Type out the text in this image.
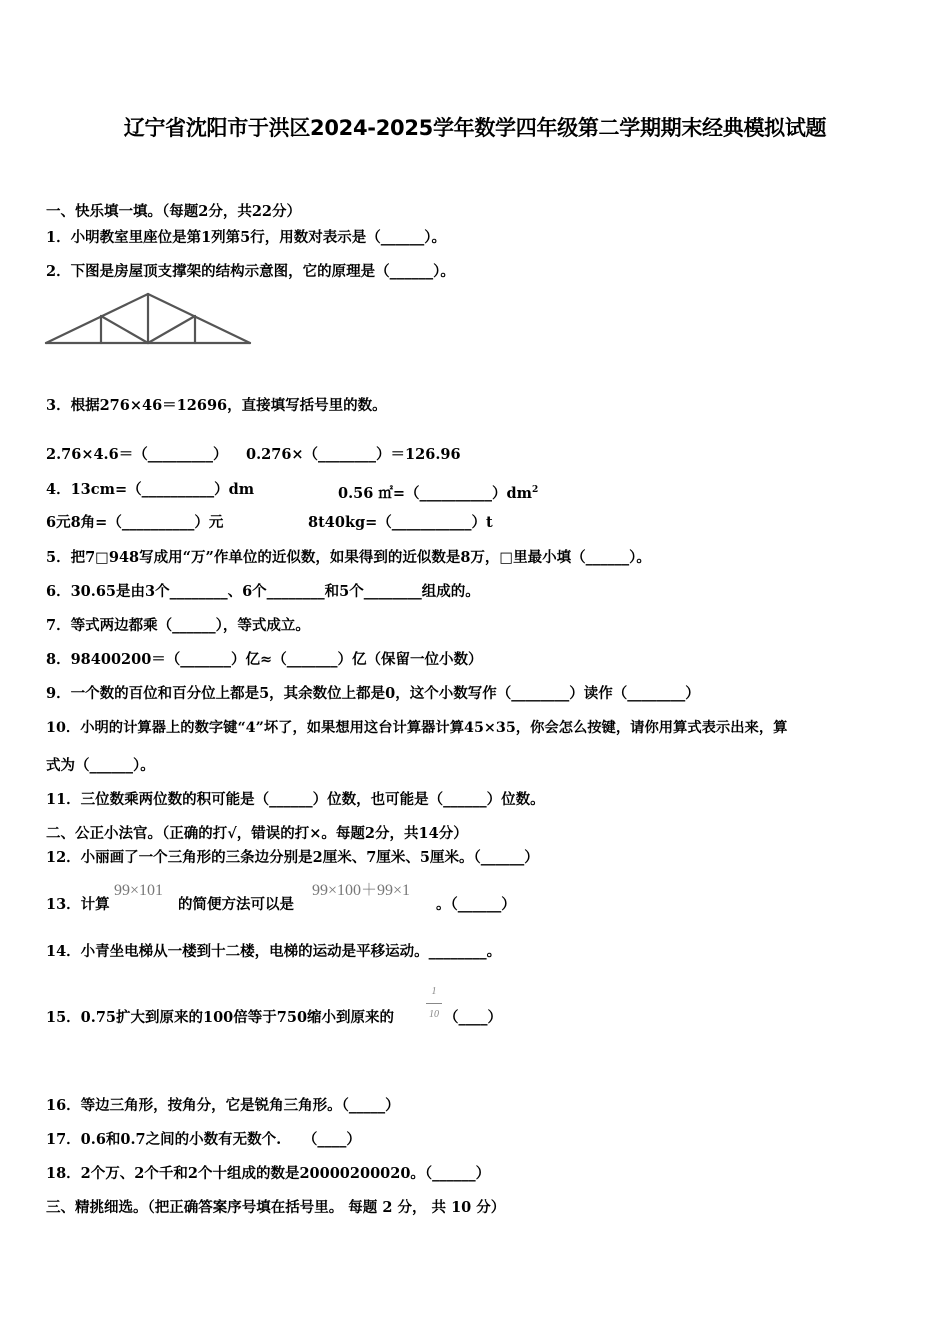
辽宁省沈阳市于洪区2024-2025学年数学四年级第二学期期末经典模拟试题
一、快乐填一填。（每题2分，共22分）
1．小明教室里座位是第1列第5行，用数对表示是（______）。
2．下图是房屋顶支撑架的结构示意图，它的原理是（______）。
3．根据276×46＝12696，直接填写括号里的数。
2.76×4.6＝（_________） 0.276×（________）＝126.96
4．13cm=（__________）dm	0.56 $㎡=(\_\_\_\_\_\_\_\_\_\_)dm^2$
6元8角=（__________）元	8t40kg=（___________）t
5．把7□948写成用“万”作单位的近似数，如果得到的近似数是8万，□里最小填（______）。
6．30.65是由3个________、6个________和5个________组成的。
7．等式两边都乘（______），等式成立。
8．98400200＝（_______）亿≈（_______）亿（保留一位小数）
9．一个数的百位和百分位上都是5，其余数位上都是0，这个小数写作（________）读作（________）
10．小明的计算器上的数字键“4”坏了，如果想用这台计算器计算45×35，你会怎么按键，请你用算式表示出来，算
式为（______）。
11．三位数乘两位数的积可能是（______）位数，也可能是（______）位数。
二、公正小法官。（正确的打√，错误的打×。每题2分，共14分）
12．小丽画了一个三角形的三条边分别是2厘米、7厘米、5厘米。（______）
13．计算
99×101
的简便方法可以是
99×100＋99×1
。（______）
14．小青坐电梯从一楼到十二楼，电梯的运动是平移运动。________。
15．0.75扩大到原来的100倍等于750缩小到原来的
1
10 （____）
16．等边三角形，按角分，它是锐角三角形。（_____）
17．0.6和0.7之间的小数有无数个.　　（____）
18．2个万、2个千和2个十组成的数是20000200020。（______）
三、精挑细选。（把正确答案序号填在括号里。 每题 2 分， 共 10 分）
